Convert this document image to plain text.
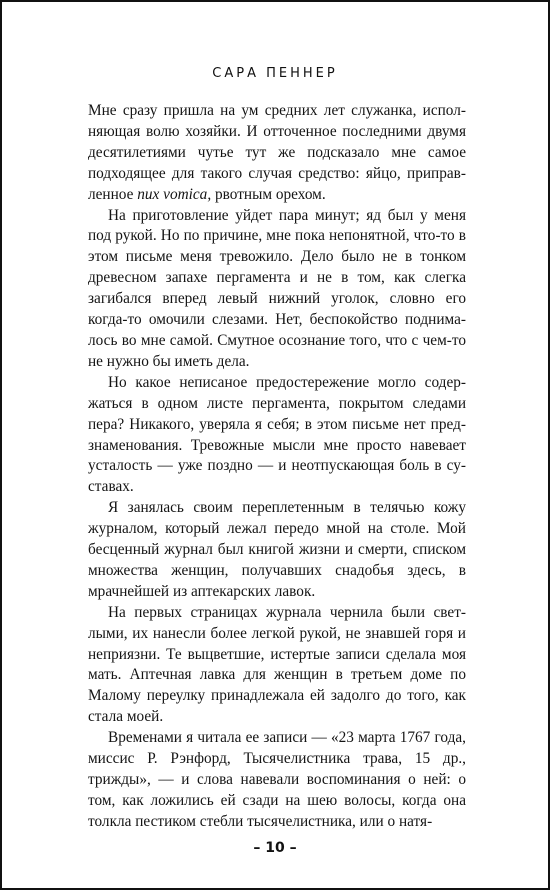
САРА ПЕННЕР

Мне сразу пришла на ум средних лет служанка, исполняющая волю хозяйки. И отточенное последними двумя десятилетиями чутье тут же подсказало мне самое подходящее для такого случая средство: яйцо, приправленное nux vomica, рвотным орехом.

На приготовление уйдет пара минут; яд был у меня под рукой. Но по причине, мне пока непонятной, что-то в этом письме меня тревожило. Дело было не в тонком древесном запахе пергамента и не в том, как слегка загибался вперед левый нижний уголок, словно его когда-то омочили слезами. Нет, беспокойство поднималось во мне самой. Смутное осознание того, что с чем-то не нужно бы иметь дела.

Но какое неписаное предостережение могло содержаться в одном листе пергамента, покрытом следами пера? Никакого, уверяла я себя; в этом письме нет предзнаменования. Тревожные мысли мне просто навевает усталость — уже поздно — и неотпускающая боль в суставах.

Я занялась своим переплетенным в телячью кожу журналом, который лежал передо мной на столе. Мой бесценный журнал был книгой жизни и смерти, списком множества женщин, получавших снадобья здесь, в мрачнейшей из аптекарских лавок.

На первых страницах журнала чернила были светлыми, их нанесли более легкой рукой, не знавшей горя и неприязни. Те выцветшие, истертые записи сделала моя мать. Аптечная лавка для женщин в третьем доме по Малому переулку принадлежала ей задолго до того, как стала моей.

Временами я читала ее записи — «23 марта 1767 года, миссис Р. Рэнфорд, Тысячелистника трава, 15 др., трижды», — и слова навевали воспоминания о ней: о том, как ложились ей сзади на шею волосы, когда она толкла пестиком стебли тысячелистника, или о натя-

– 10 –
